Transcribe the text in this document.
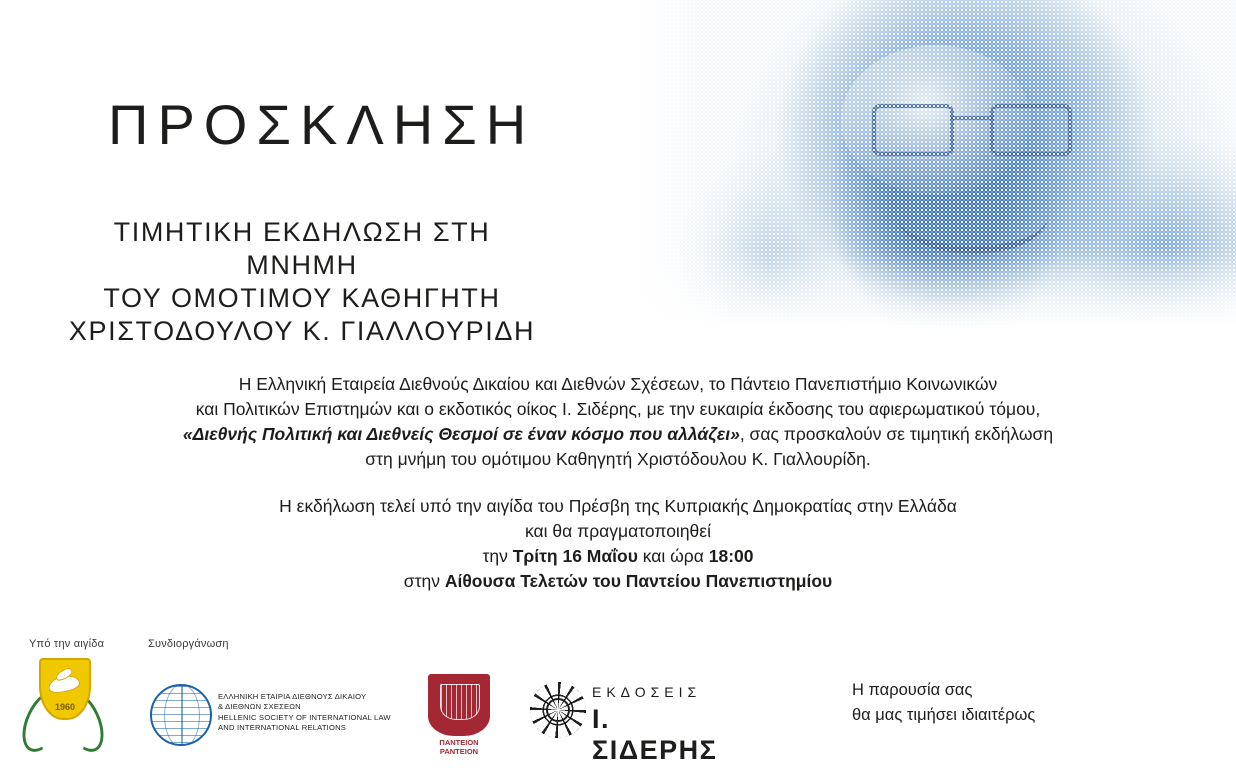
ΠΡΟΣΚΛΗΣΗ
ΤΙΜΗΤΙΚΗ ΕΚΔΗΛΩΣΗ ΣΤΗ ΜΝΗΜΗ
ΤΟΥ ΟΜΟΤΙΜΟΥ ΚΑΘΗΓΗΤΗ
ΧΡΙΣΤΟΔΟΥΛΟΥ Κ. ΓΙΑΛΛΟΥΡΙΔΗ
Η Ελληνική Εταιρεία Διεθνούς Δικαίου και Διεθνών Σχέσεων, το Πάντειο Πανεπιστήμιο Κοινωνικών
και Πολιτικών Επιστημών και ο εκδοτικός οίκος Ι. Σιδέρης, με την ευκαιρία έκδοσης του αφιερωματικού τόμου,
«Διεθνής Πολιτική και Διεθνείς Θεσμοί σε έναν κόσμο που αλλάζει», σας προσκαλούν σε τιμητική εκδήλωση
στη μνήμη του ομότιμου Καθηγητή Χριστόδουλου Κ. Γιαλλουρίδη.
Η εκδήλωση τελεί υπό την αιγίδα του Πρέσβη της Κυπριακής Δημοκρατίας στην Ελλάδα
και θα πραγματοποιηθεί
την Τρίτη 16 Μαΐου και ώρα 18:00
στην Αίθουσα Τελετών του Παντείου Πανεπιστημίου
Υπό την αιγίδα	Συνδιοργάνωση
1960
ΕΛΛΗΝΙΚΗ ΕΤΑΙΡΙΑ ΔΙΕΘΝΟΥΣ ΔΙΚΑΙΟΥ
& ΔΙΕΘΝΩΝ ΣΧΕΣΕΩΝ
HELLENIC SOCIETY OF INTERNATIONAL LAW
AND INTERNATIONAL RELATIONS
ΠΑΝΤΕΙΟΝ
PANTEION
ΕΚΔΟΣΕΙΣ
Ι. ΣΙΔΕΡΗΣ
Η παρουσία σας
θα μας τιμήσει ιδιαιτέρως
